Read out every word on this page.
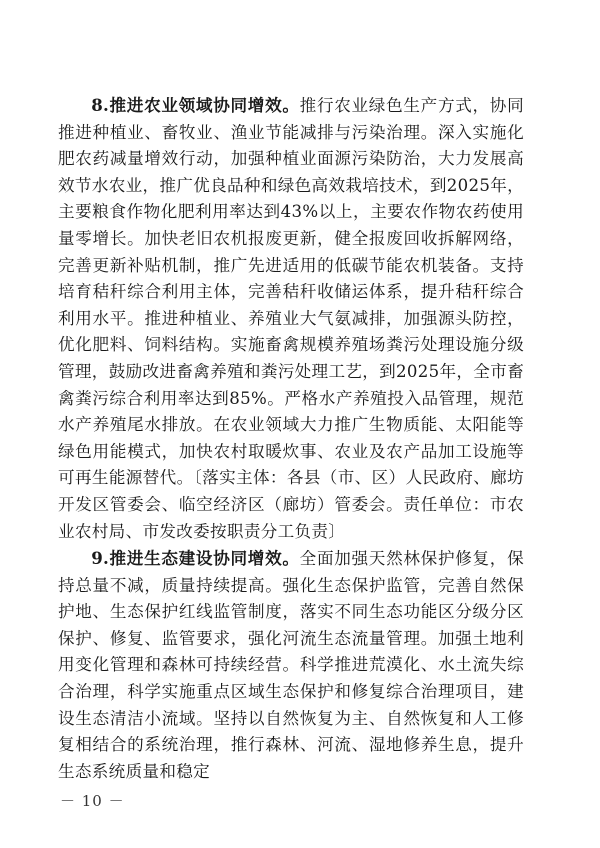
8.推进农业领域协同增效。推行农业绿色生产方式，协同推进种植业、畜牧业、渔业节能减排与污染治理。深入实施化肥农药减量增效行动，加强种植业面源污染防治，大力发展高效节水农业，推广优良品种和绿色高效栽培技术，到2025年，主要粮食作物化肥利用率达到43%以上，主要农作物农药使用量零增长。加快老旧农机报废更新，健全报废回收拆解网络，完善更新补贴机制，推广先进适用的低碳节能农机装备。支持培育秸秆综合利用主体，完善秸秆收储运体系，提升秸秆综合利用水平。推进种植业、养殖业大气氨减排，加强源头防控，优化肥料、饲料结构。实施畜禽规模养殖场粪污处理设施分级管理，鼓励改进畜禽养殖和粪污处理工艺，到2025年，全市畜禽粪污综合利用率达到85%。严格水产养殖投入品管理，规范水产养殖尾水排放。在农业领域大力推广生物质能、太阳能等绿色用能模式，加快农村取暖炊事、农业及农产品加工设施等可再生能源替代。〔落实主体：各县（市、区）人民政府、廊坊开发区管委会、临空经济区（廊坊）管委会。责任单位：市农业农村局、市发改委按职责分工负责〕

9.推进生态建设协同增效。全面加强天然林保护修复，保持总量不减，质量持续提高。强化生态保护监管，完善自然保护地、生态保护红线监管制度，落实不同生态功能区分级分区保护、修复、监管要求，强化河流生态流量管理。加强土地利用变化管理和森林可持续经营。科学推进荒漠化、水土流失综合治理，科学实施重点区域生态保护和修复综合治理项目，建设生态清洁小流域。坚持以自然恢复为主、自然恢复和人工修复相结合的系统治理，推行森林、河流、湿地修养生息，提升生态系统质量和稳定

－ 10 －
